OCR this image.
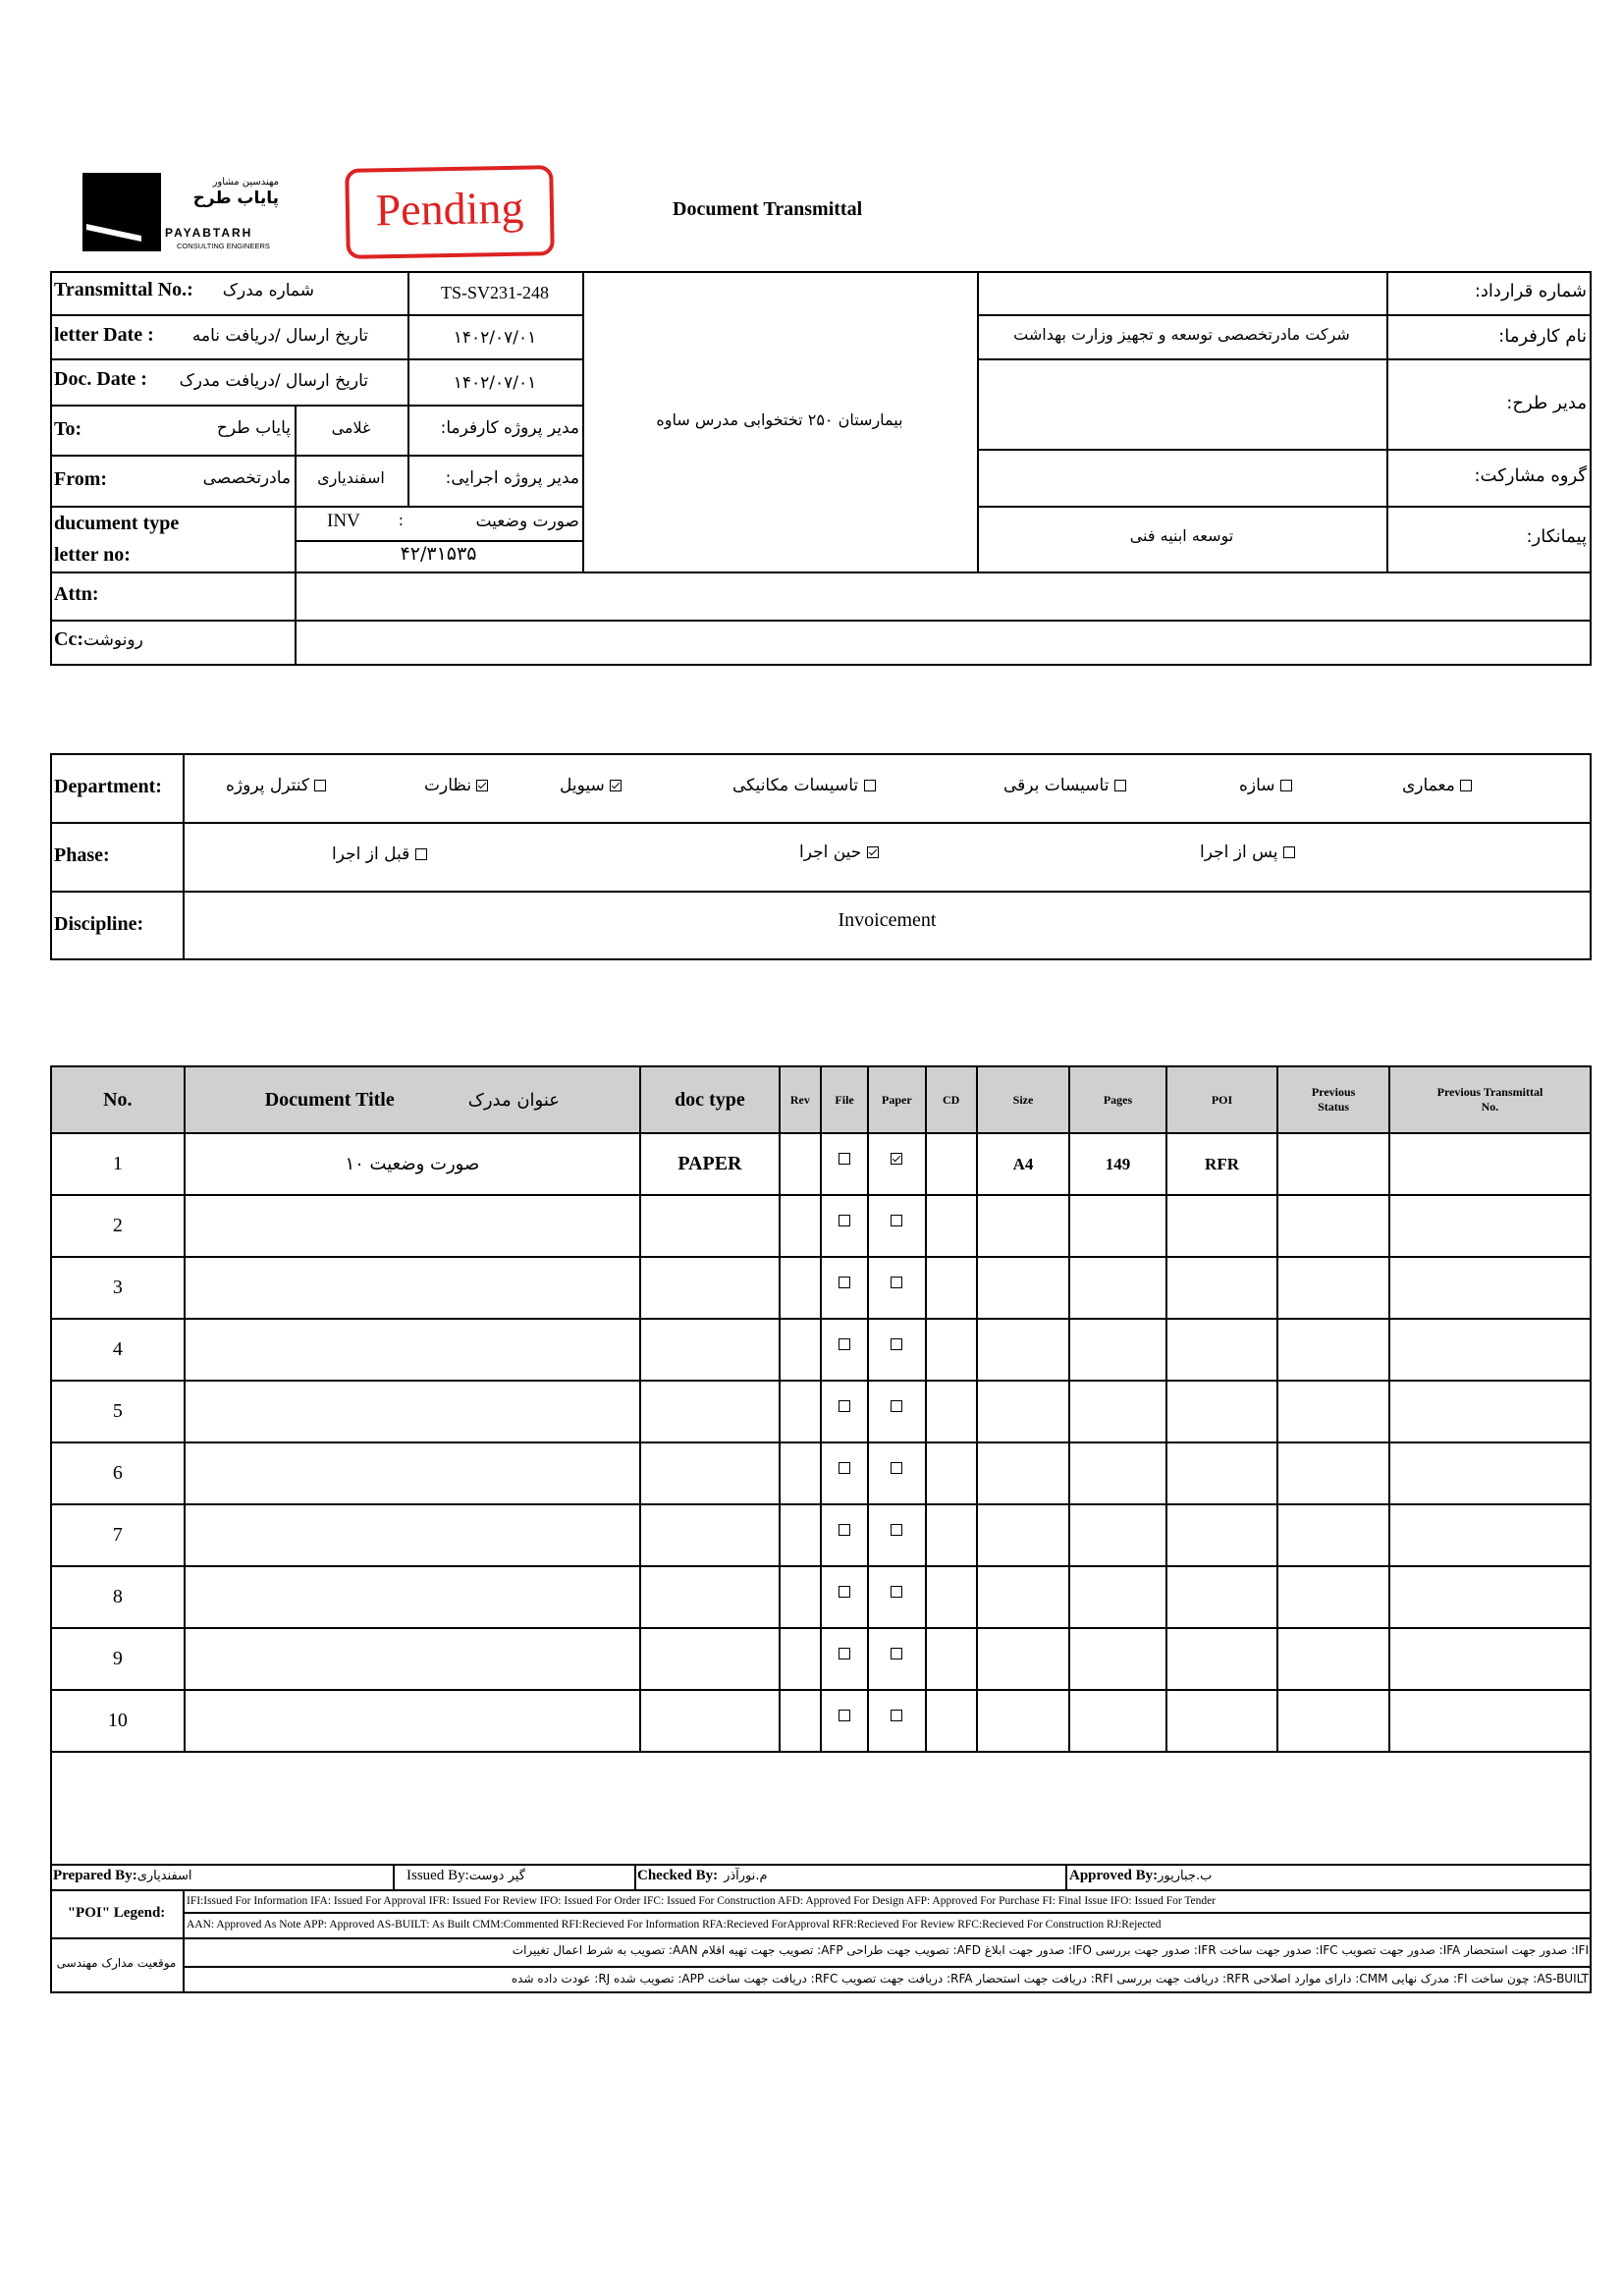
مهندسین مشاور
پایاب طرح
PAYABTARH
CONSULTING ENGINEERS
Pending	Document Transmittal
Transmittal No.:	شماره مدرک	TS-SV231-248
letter Date :	تاریخ ارسال /دریافت نامه	۱۴۰۲/۰۷/۰۱
Doc. Date :	تاریخ ارسال /دریافت مدرک	۱۴۰۲/۰۷/۰۱
To:	پایاب طرح	غلامی	مدیر پروژه کارفرما:
From:	مادرتخصصی	اسفندیاری	مدیر پروژه اجرایی:
ducument type	INV :	صورت وضعیت
letter no:	۴۲/۳۱۵۳۵
Attn:
Cc:رونوشت
بیمارستان ۲۵۰ تختخوابی مدرس ساوه
شماره قرارداد:
نام کارفرما:
شرکت مادرتخصصی توسعه و تجهیز وزارت بهداشت
مدیر طرح:
گروه مشارکت:
پیمانکار:
توسعه ابنیه فنی
Department:	کنترل پروژه	نظارت	سیویل	تاسیسات مکانیکی	تاسیسات برقی	سازه	معماری
Phase:	قبل از اجرا	حین اجرا	پس از اجرا
Discipline:	Invoicement
No.	Document Title عنوان مدرک	doc type	Rev	File	Paper	CD	Size	Pages	POI	Previous Status	Previous Transmittal No.
1	صورت وضعیت ۱۰	PAPER					A4	149	RFR		
2											
3											
4											
5											
6											
7											
8											
9											
10											
Prepared By:اسفندیاری	Issued By:گیر دوست	Checked By: م.نورآذر	Approved By:ب.جباریور
"POI" Legend:
IFI:Issued For Information IFA: Issued For Approval IFR: Issued For Review IFO: Issued For Order IFC: Issued For Construction AFD: Approved For Design AFP: Approved For Purchase FI: Final Issue IFO: Issued For Tender
AAN: Approved As Note APP: Approved AS-BUILT: As Built CMM:Commented RFI:Recieved For Information RFA:Recieved ForApproval RFR:Recieved For Review RFC:Recieved For Construction RJ:Rejected
موقعیت مدارک مهندسی
IFI: صدور جهت استحضار IFA: صدور جهت تصویب IFC: صدور جهت ساخت IFR: صدور جهت بررسی IFO: صدور جهت ابلاغ AFD: تصویب جهت طراحی AFP: تصویب جهت تهیه اقلام AAN: تصویب به شرط اعمال تغییرات
AS-BUILT: چون ساخت FI: مدرک نهایی CMM: دارای موارد اصلاحی RFR: دریافت جهت بررسی RFI: دریافت جهت استحضار RFA: دریافت جهت تصویب RFC: دریافت جهت ساخت APP: تصویب شده RJ: عودت داده شده
